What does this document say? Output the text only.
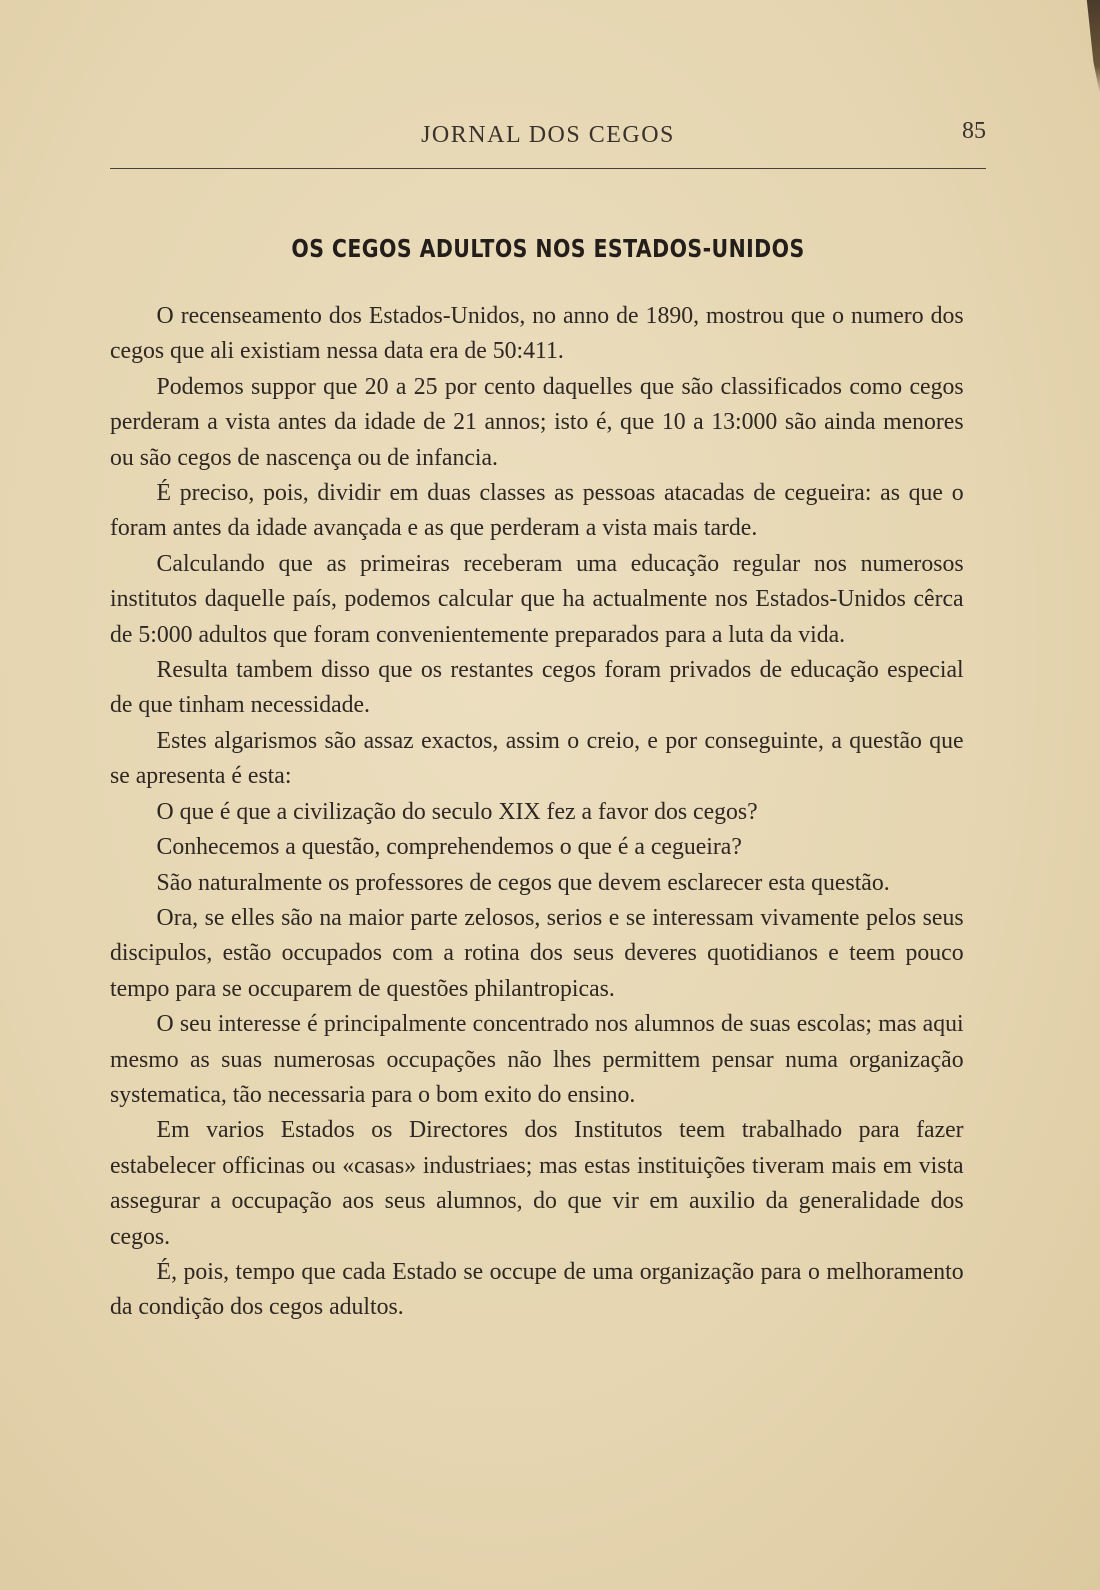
JORNAL DOS CEGOS	85
OS CEGOS ADULTOS NOS ESTADOS-UNIDOS

O recenseamento dos Estados-Unidos, no anno de 1890, mostrou que o numero dos cegos que ali existiam nessa data era de 50:411.

Podemos suppor que 20 a 25 por cento daquelles que são classificados como cegos perderam a vista antes da idade de 21 annos; isto é, que 10 a 13:000 são ainda menores ou são cegos de nascença ou de infancia.

É preciso, pois, dividir em duas classes as pessoas atacadas de cegueira: as que o foram antes da idade avançada e as que perderam a vista mais tarde.

Calculando que as primeiras receberam uma educação regular nos numerosos institutos daquelle país, podemos calcular que ha actualmente nos Estados-Unidos cêrca de 5:000 adultos que foram convenientemente preparados para a luta da vida.

Resulta tambem disso que os restantes cegos foram privados de educação especial de que tinham necessidade.

Estes algarismos são assaz exactos, assim o creio, e por conseguinte, a questão que se apresenta é esta:

O que é que a civilização do seculo XIX fez a favor dos cegos?

Conhecemos a questão, comprehendemos o que é a cegueira?

São naturalmente os professores de cegos que devem esclarecer esta questão.

Ora, se elles são na maior parte zelosos, serios e se interessam vivamente pelos seus discipulos, estão occupados com a rotina dos seus deveres quotidianos e teem pouco tempo para se occuparem de questões philantropicas.

O seu interesse é principalmente concentrado nos alumnos de suas escolas; mas aqui mesmo as suas numerosas occupações não lhes permittem pensar numa organização systematica, tão necessaria para o bom exito do ensino.

Em varios Estados os Directores dos Institutos teem trabalhado para fazer estabelecer officinas ou «casas» industriaes; mas estas instituições tiveram mais em vista assegurar a occupação aos seus alumnos, do que vir em auxilio da generalidade dos cegos.

É, pois, tempo que cada Estado se occupe de uma organização para o melhoramento da condição dos cegos adultos.
